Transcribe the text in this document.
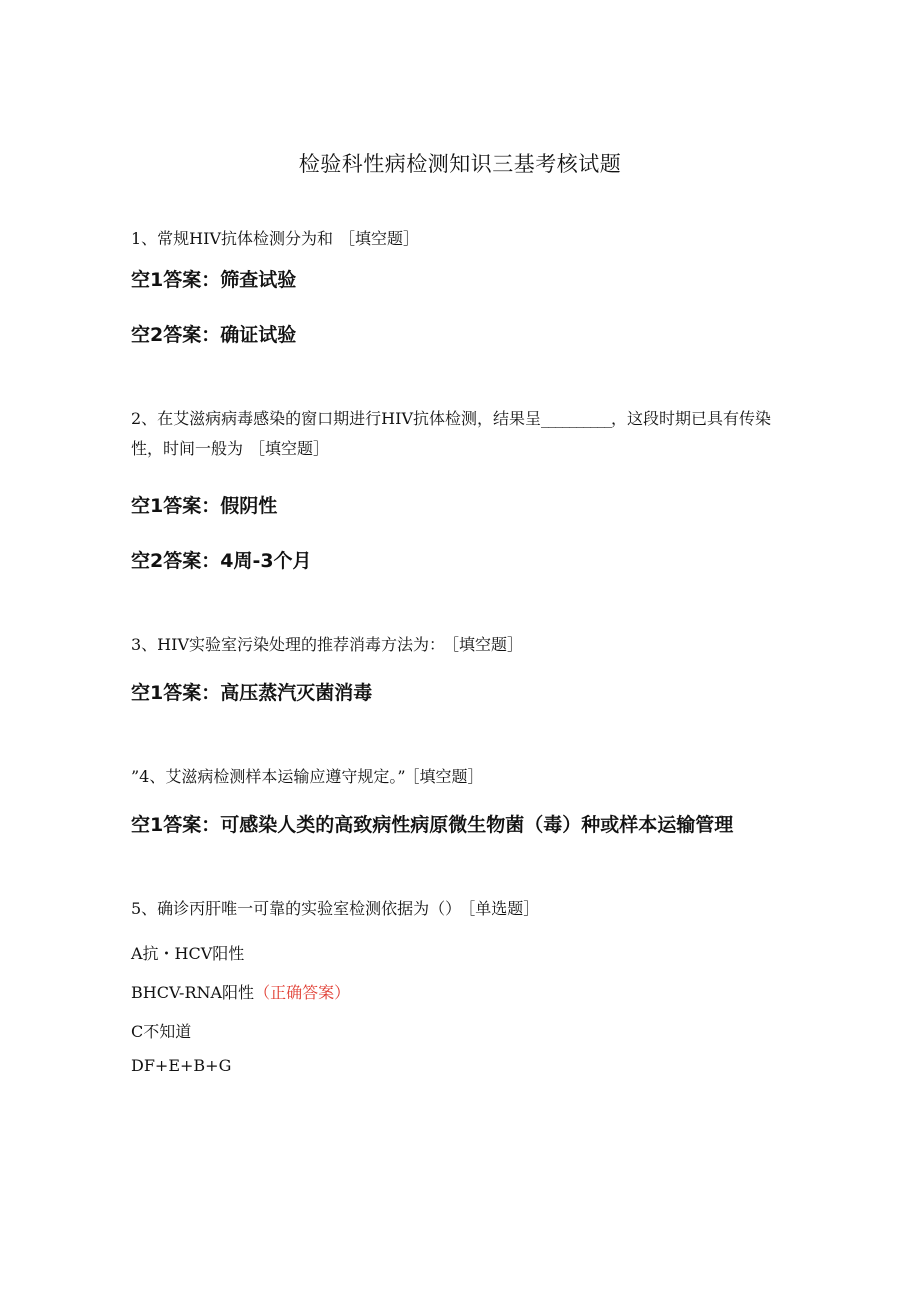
检验科性病检测知识三基考核试题
1、常规HIV抗体检测分为和 ［填空题］
空1答案：筛查试验
空2答案：确证试验
2、在艾滋病病毒感染的窗口期进行HIV抗体检测，结果呈__________，这段时期已具有传染性，时间一般为 ［填空题］
空1答案：假阴性
空2答案：4周-3个月
3、HIV实验室污染处理的推荐消毒方法为： ［填空题］
空1答案：高压蒸汽灭菌消毒
”4、艾滋病检测样本运输应遵守规定。” ［填空题］
空1答案：可感染人类的高致病性病原微生物菌（毒）种或样本运输管理
5、确诊丙肝唯一可靠的实验室检测依据为（） ［单选题］
A抗・HCV阳性
BHCV-RNA阳性（正确答案）
C不知道
DF+E+B+G
